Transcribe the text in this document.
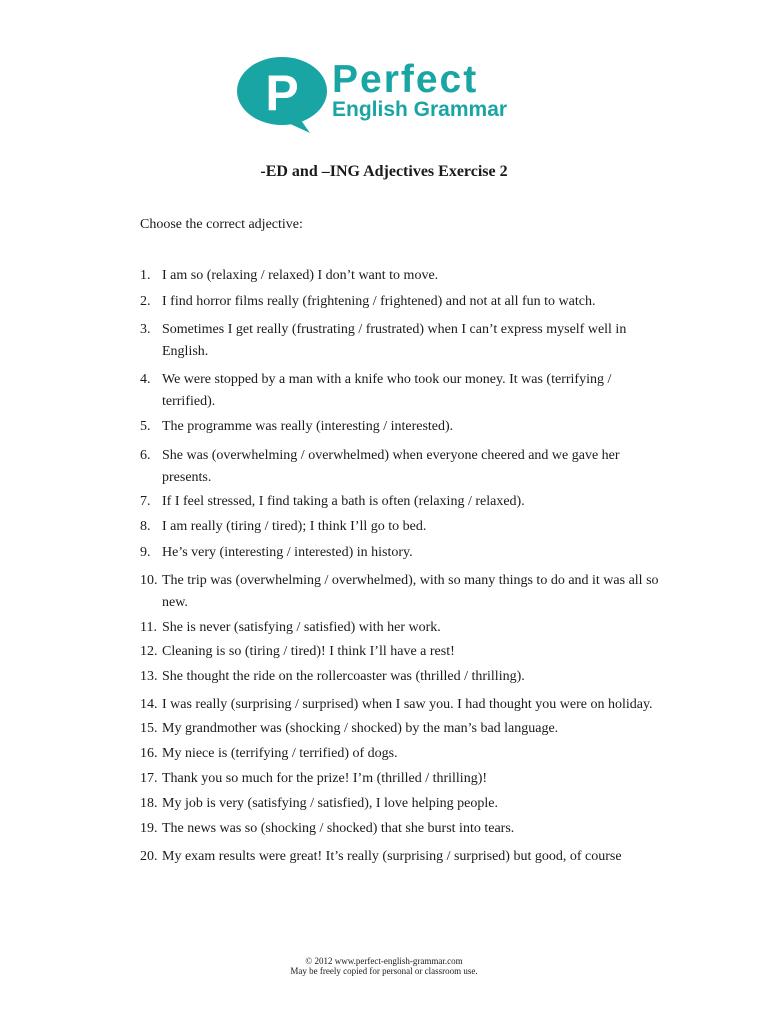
P Perfect
English Grammar
-ED and –ING Adjectives Exercise 2

Choose the correct adjective:

1. I am so (relaxing / relaxed) I don’t want to move.
2. I find horror films really (frightening / frightened) and not at all fun to watch.
3. Sometimes I get really (frustrating / frustrated) when I can’t express myself well in English.
4. We were stopped by a man with a knife who took our money. It was (terrifying / terrified).
5. The programme was really (interesting / interested).
6. She was (overwhelming / overwhelmed) when everyone cheered and we gave her presents.
7. If I feel stressed, I find taking a bath is often (relaxing / relaxed).
8. I am really (tiring / tired); I think I’ll go to bed.
9. He’s very (interesting / interested) in history.
10. The trip was (overwhelming / overwhelmed), with so many things to do and it was all so new.
11. She is never (satisfying / satisfied) with her work.
12. Cleaning is so (tiring / tired)! I think I’ll have a rest!
13. She thought the ride on the rollercoaster was (thrilled / thrilling).
14. I was really (surprising / surprised) when I saw you. I had thought you were on holiday.
15. My grandmother was (shocking / shocked) by the man’s bad language.
16. My niece is (terrifying / terrified) of dogs.
17. Thank you so much for the prize! I’m (thrilled / thrilling)!
18. My job is very (satisfying / satisfied), I love helping people.
19. The news was so (shocking / shocked) that she burst into tears.
20. My exam results were great! It’s really (surprising / surprised) but good, of course
© 2012 www.perfect-english-grammar.com
May be freely copied for personal or classroom use.
